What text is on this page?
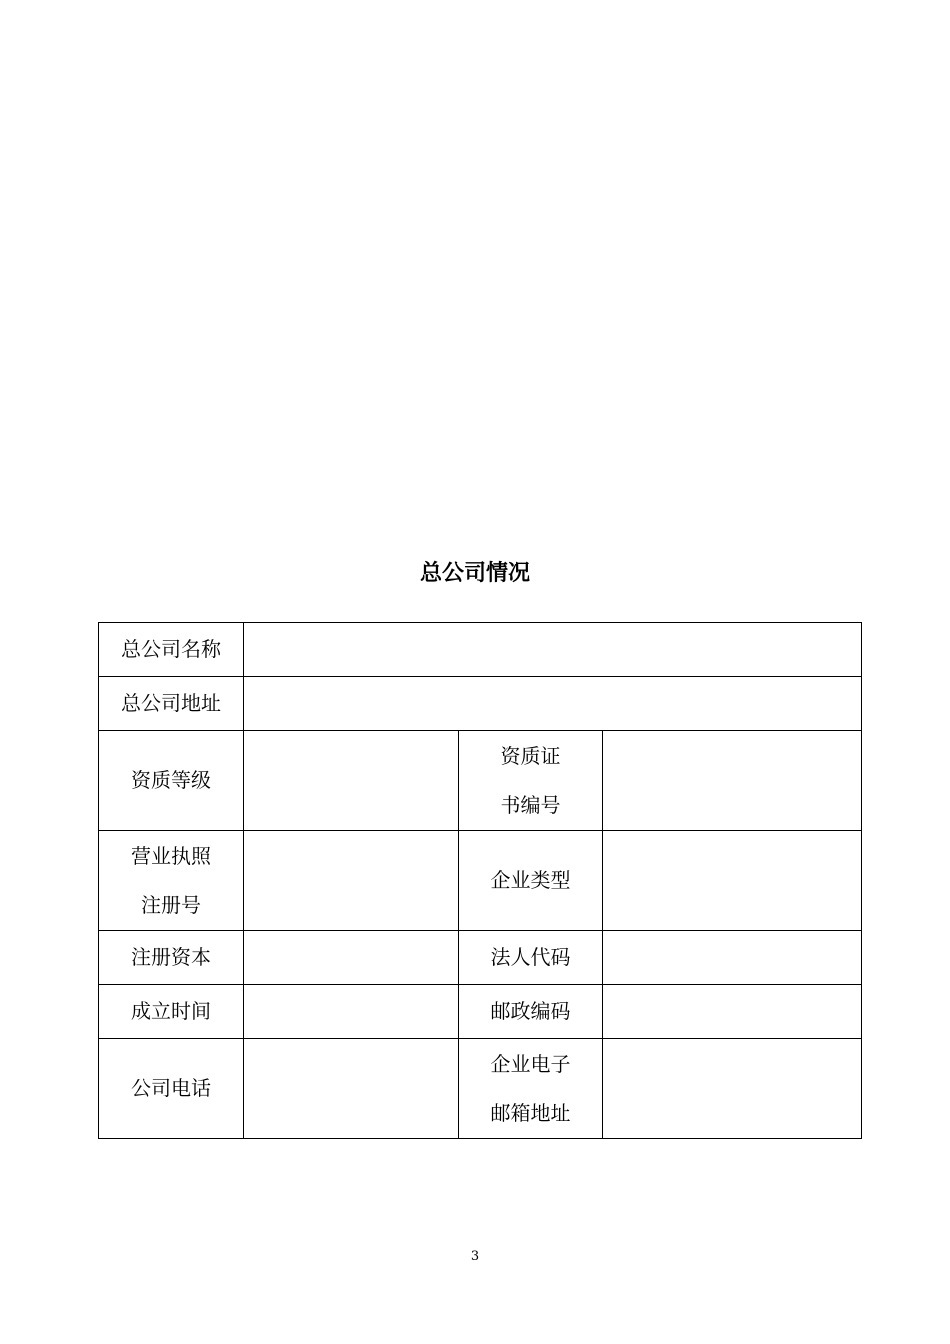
总公司情况
总公司名称			
总公司地址			
资质等级		资质证书编号	
营业执照注册号		企业类型	
注册资本		法人代码	
成立时间		邮政编码	
公司电话		企业电子邮箱地址	
3
